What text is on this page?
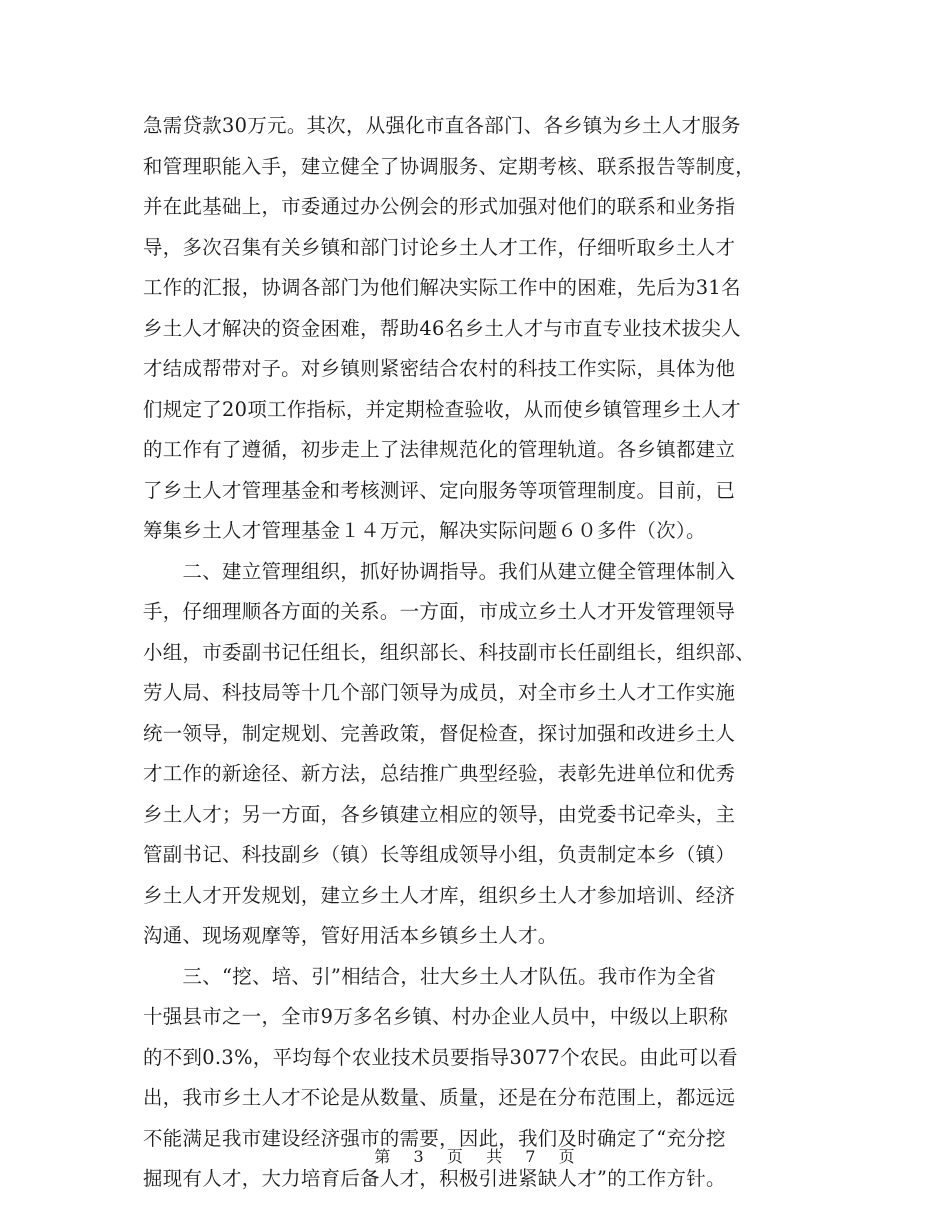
急需贷款30万元。其次，从强化市直各部门、各乡镇为乡土人才服务
和管理职能入手，建立健全了协调服务、定期考核、联系报告等制度，
并在此基础上，市委通过办公例会的形式加强对他们的联系和业务指
导，多次召集有关乡镇和部门讨论乡土人才工作，仔细听取乡土人才
工作的汇报，协调各部门为他们解决实际工作中的困难，先后为31名
乡土人才解决的资金困难，帮助46名乡土人才与市直专业技术拔尖人
才结成帮带对子。对乡镇则紧密结合农村的科技工作实际，具体为他
们规定了20项工作指标，并定期检查验收，从而使乡镇管理乡土人才
的工作有了遵循，初步走上了法律规范化的管理轨道。各乡镇都建立
了乡土人才管理基金和考核测评、定向服务等项管理制度。目前，已
筹集乡土人才管理基金１４万元，解决实际问题６０多件（次）。
　　二、建立管理组织，抓好协调指导。我们从建立健全管理体制入
手，仔细理顺各方面的关系。一方面，市成立乡土人才开发管理领导
小组，市委副书记任组长，组织部长、科技副市长任副组长，组织部、
劳人局、科技局等十几个部门领导为成员，对全市乡土人才工作实施
统一领导，制定规划、完善政策，督促检查，探讨加强和改进乡土人
才工作的新途径、新方法，总结推广典型经验，表彰先进单位和优秀
乡土人才；另一方面，各乡镇建立相应的领导，由党委书记牵头，主
管副书记、科技副乡（镇）长等组成领导小组，负责制定本乡（镇）
乡土人才开发规划，建立乡土人才库，组织乡土人才参加培训、经济
沟通、现场观摩等，管好用活本乡镇乡土人才。
　　三、“挖、培、引”相结合，壮大乡土人才队伍。我市作为全省
十强县市之一，全市9万多名乡镇、村办企业人员中，中级以上职称
的不到0.3%，平均每个农业技术员要指导3077个农民。由此可以看
出，我市乡土人才不论是从数量、质量，还是在分布范围上，都远远
不能满足我市建设经济强市的需要，因此，我们及时确定了“充分挖
掘现有人才，大力培育后备人才，积极引进紧缺人才”的工作方针。
第 3 页 共 7 页
